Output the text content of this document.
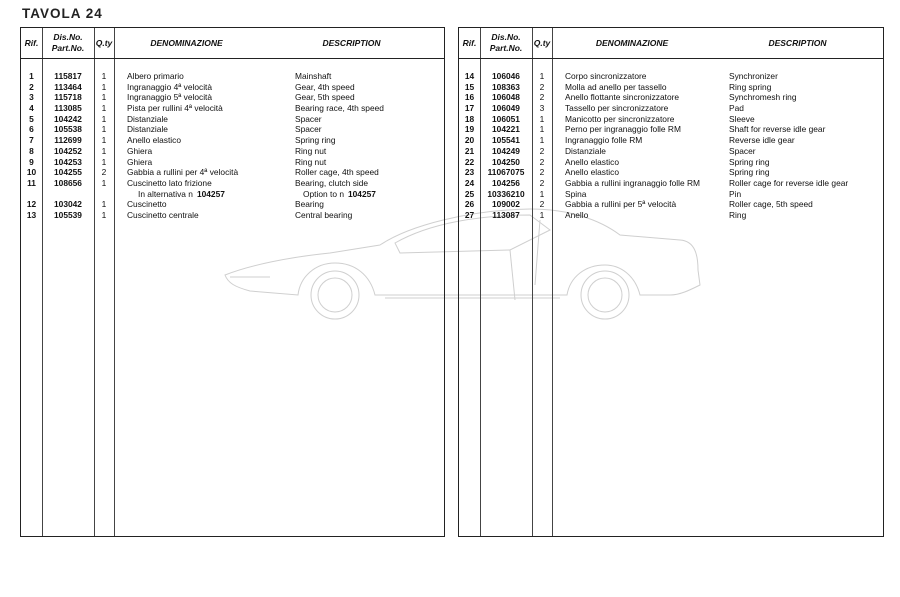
TAVOLA 24
Rif.
Dis.No.
Part.No.
Q.ty	DENOMINAZIONE	DESCRIPTION
1	115817	1	Albero primario	Mainshaft
2	113464	1	Ingranaggio 4ª velocità	Gear, 4th speed
3	115718	1	Ingranaggio 5ª velocità	Gear, 5th speed
4	113085	1	Pista per rullini 4ª velocità	Bearing race, 4th speed
5	104242	1	Distanziale	Spacer
6	105538	1	Distanziale	Spacer
7	112699	1	Anello elastico	Spring ring
8	104252	1	Ghiera	Ring nut
9	104253	1	Ghiera	Ring nut
10	104255	2	Gabbia a rullini per 4ª velocità	Roller cage, 4th speed
11	108656	1	Cuscinetto lato frizione	Bearing, clutch side
In alternativa n 104257	Option to n 104257
12	103042	1	Cuscinetto	Bearing
13	105539	1	Cuscinetto centrale	Central bearing
Rif.
Dis.No.
Part.No.
Q.ty	DENOMINAZIONE	DESCRIPTION
14	106046	1	Corpo sincronizzatore	Synchronizer
15	108363	2	Molla ad anello per tassello	Ring spring
16	106048	2	Anello flottante sincronizzatore	Synchromesh ring
17	106049	3	Tassello per sincronizzatore	Pad
18	106051	1	Manicotto per sincronizzatore	Sleeve
19	104221	1	Perno per ingranaggio folle RM	Shaft for reverse idle gear
20	105541	1	Ingranaggio folle RM	Reverse idle gear
21	104249	2	Distanziale	Spacer
22	104250	2	Anello elastico	Spring ring
23	11067075	2	Anello elastico	Spring ring
24	104256	2	Gabbia a rullini ingranaggio folle RM	Roller cage for reverse idle gear
25	10336210	1	Spina	Pin
26	109002	2	Gabbia a rullini per 5ª velocità	Roller cage, 5th speed
27	113087	1	Anello	Ring
